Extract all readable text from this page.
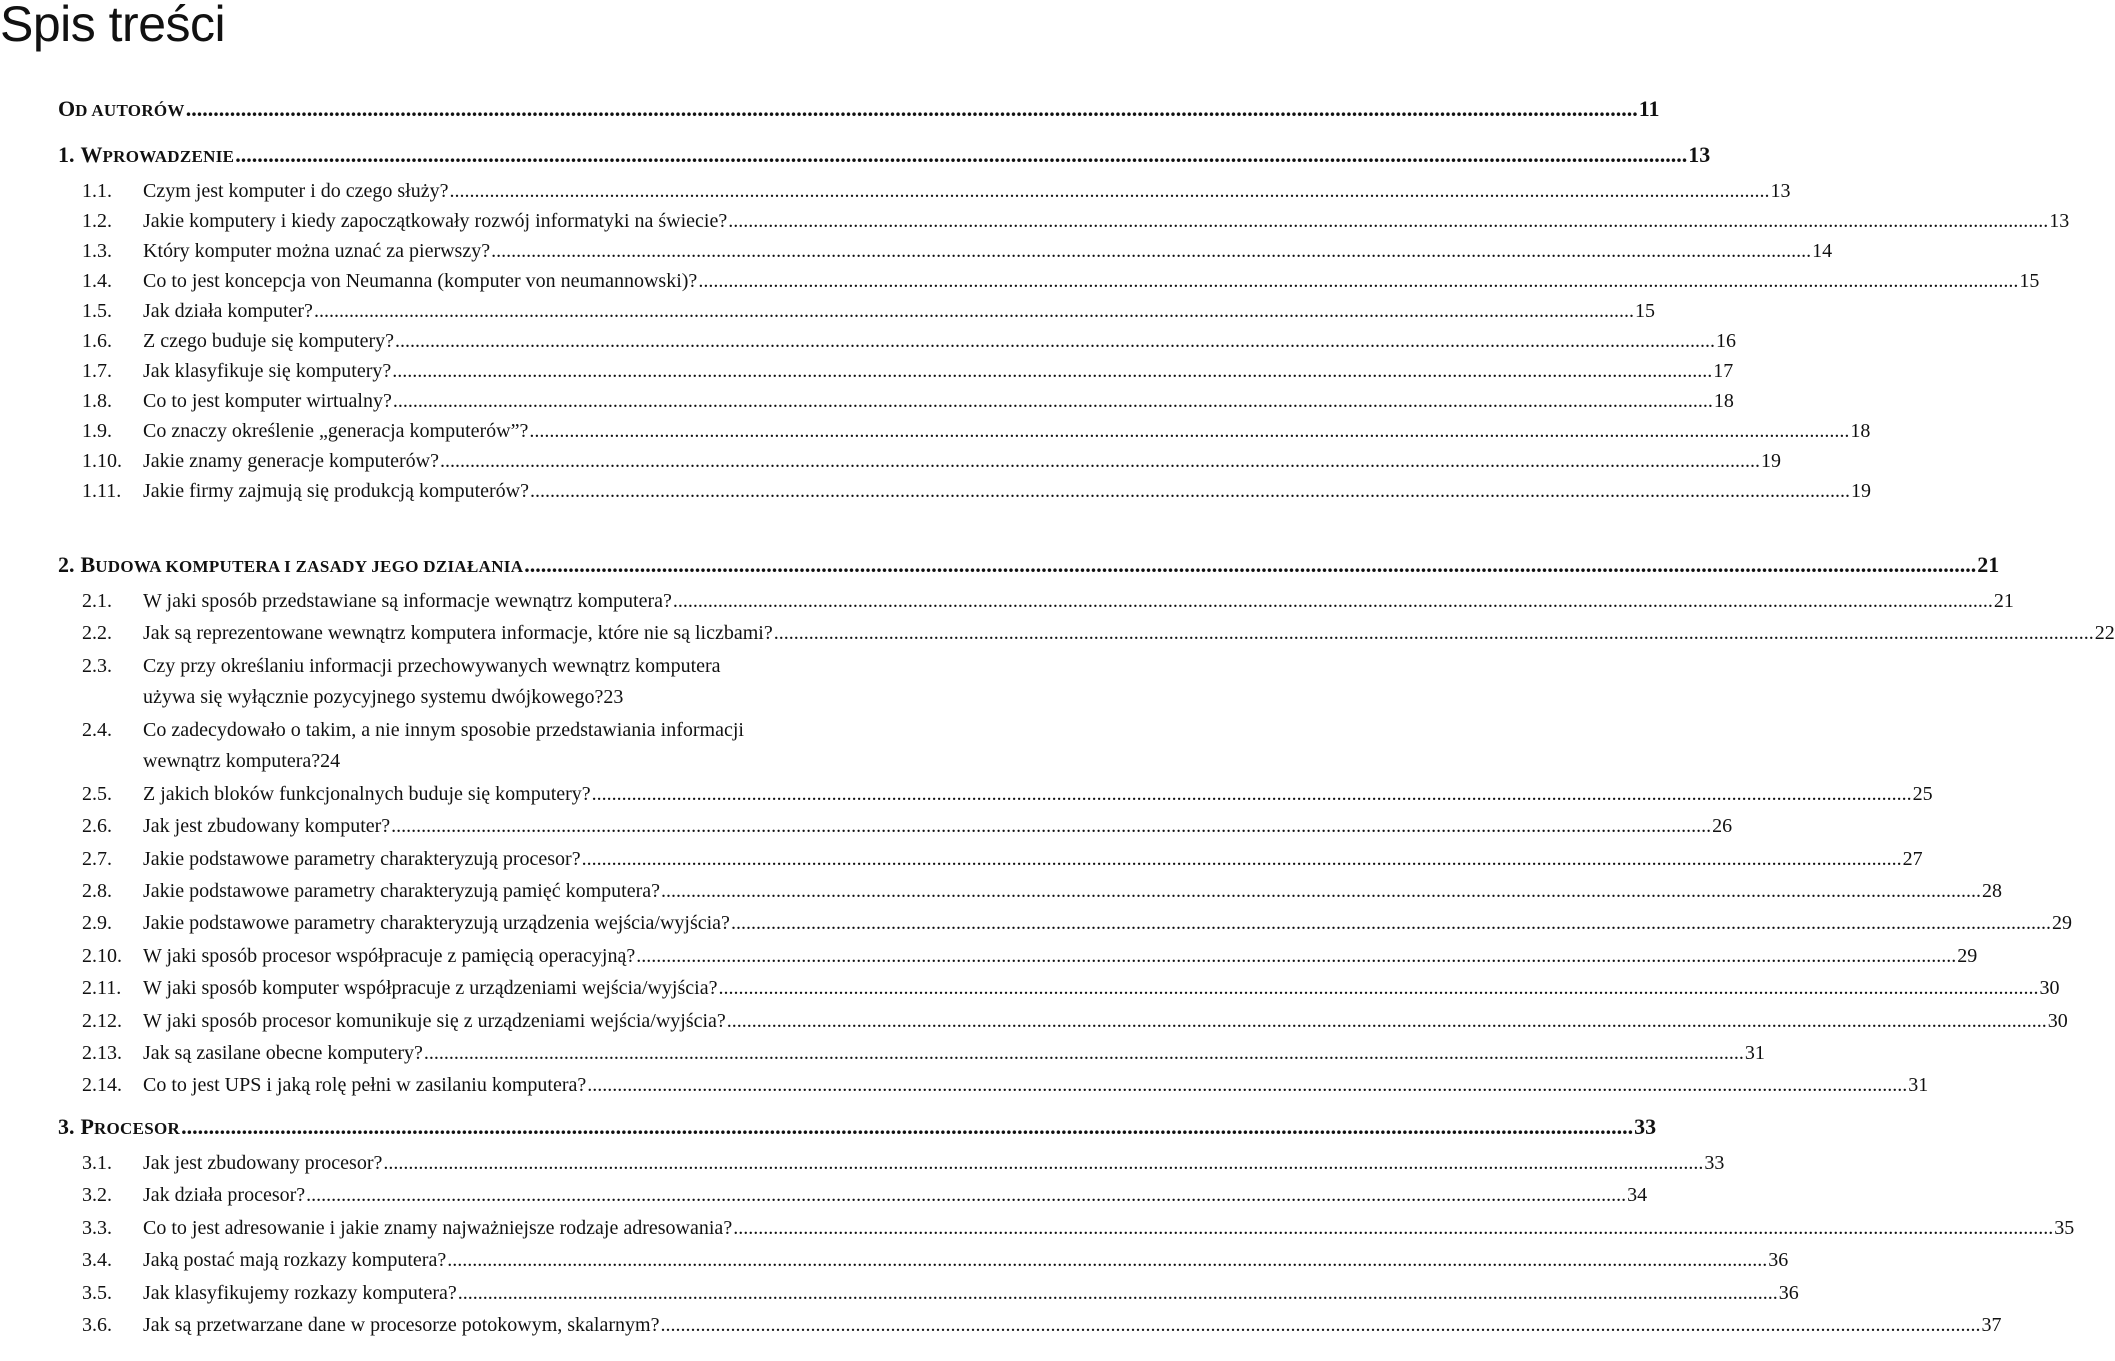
Spis treści
OD AUTORÓW .....	11
1. WPROWADZENIE .....	13
1.1.	Czym jest komputer i do czego służy? .....	13
1.2.	Jakie komputery i kiedy zapoczątkowały rozwój informatyki na świecie? .....	13
1.3.	Który komputer można uznać za pierwszy? .....	14
1.4.	Co to jest koncepcja von Neumanna (komputer von neumannowski)? .....	15
1.5.	Jak działa komputer? .....	15
1.6.	Z czego buduje się komputery? .....	16
1.7.	Jak klasyfikuje się komputery? .....	17
1.8.	Co to jest komputer wirtualny? .....	18
1.9.	Co znaczy określenie „generacja komputerów”? .....	18
1.10.	Jakie znamy generacje komputerów? .....	19
1.11.	Jakie firmy zajmują się produkcją komputerów? .....	19
2. BUDOWA KOMPUTERA I ZASADY JEGO DZIAŁANIA .....	21
2.1.	W jaki sposób przedstawiane są informacje wewnątrz komputera? .....	21
2.2.	Jak są reprezentowane wewnątrz komputera informacje, które nie są liczbami? .....	22
2.3.	Czy przy określaniu informacji przechowywanych wewnątrz komputera
używa się wyłącznie pozycyjnego systemu dwójkowego? 23
2.4.	Co zadecydowało o takim, a nie innym sposobie przedstawiania informacji
wewnątrz komputera? 24
2.5.	Z jakich bloków funkcjonalnych buduje się komputery? .....	25
2.6.	Jak jest zbudowany komputer? .....	26
2.7.	Jakie podstawowe parametry charakteryzują procesor? .....	27
2.8.	Jakie podstawowe parametry charakteryzują pamięć komputera? .....	28
2.9.	Jakie podstawowe parametry charakteryzują urządzenia wejścia/wyjścia? .....	29
2.10.	W jaki sposób procesor współpracuje z pamięcią operacyjną? .....	29
2.11.	W jaki sposób komputer współpracuje z urządzeniami wejścia/wyjścia? .....	30
2.12.	W jaki sposób procesor komunikuje się z urządzeniami wejścia/wyjścia? .....	30
2.13.	Jak są zasilane obecne komputery? .....	31
2.14.	Co to jest UPS i jaką rolę pełni w zasilaniu komputera? .....	31
3. PROCESOR .....	33
3.1.	Jak jest zbudowany procesor? .....	33
3.2.	Jak działa procesor? .....	34
3.3.	Co to jest adresowanie i jakie znamy najważniejsze rodzaje adresowania? .....	35
3.4.	Jaką postać mają rozkazy komputera? .....	36
3.5.	Jak klasyfikujemy rozkazy komputera? .....	36
3.6.	Jak są przetwarzane dane w procesorze potokowym, skalarnym? .....	37
